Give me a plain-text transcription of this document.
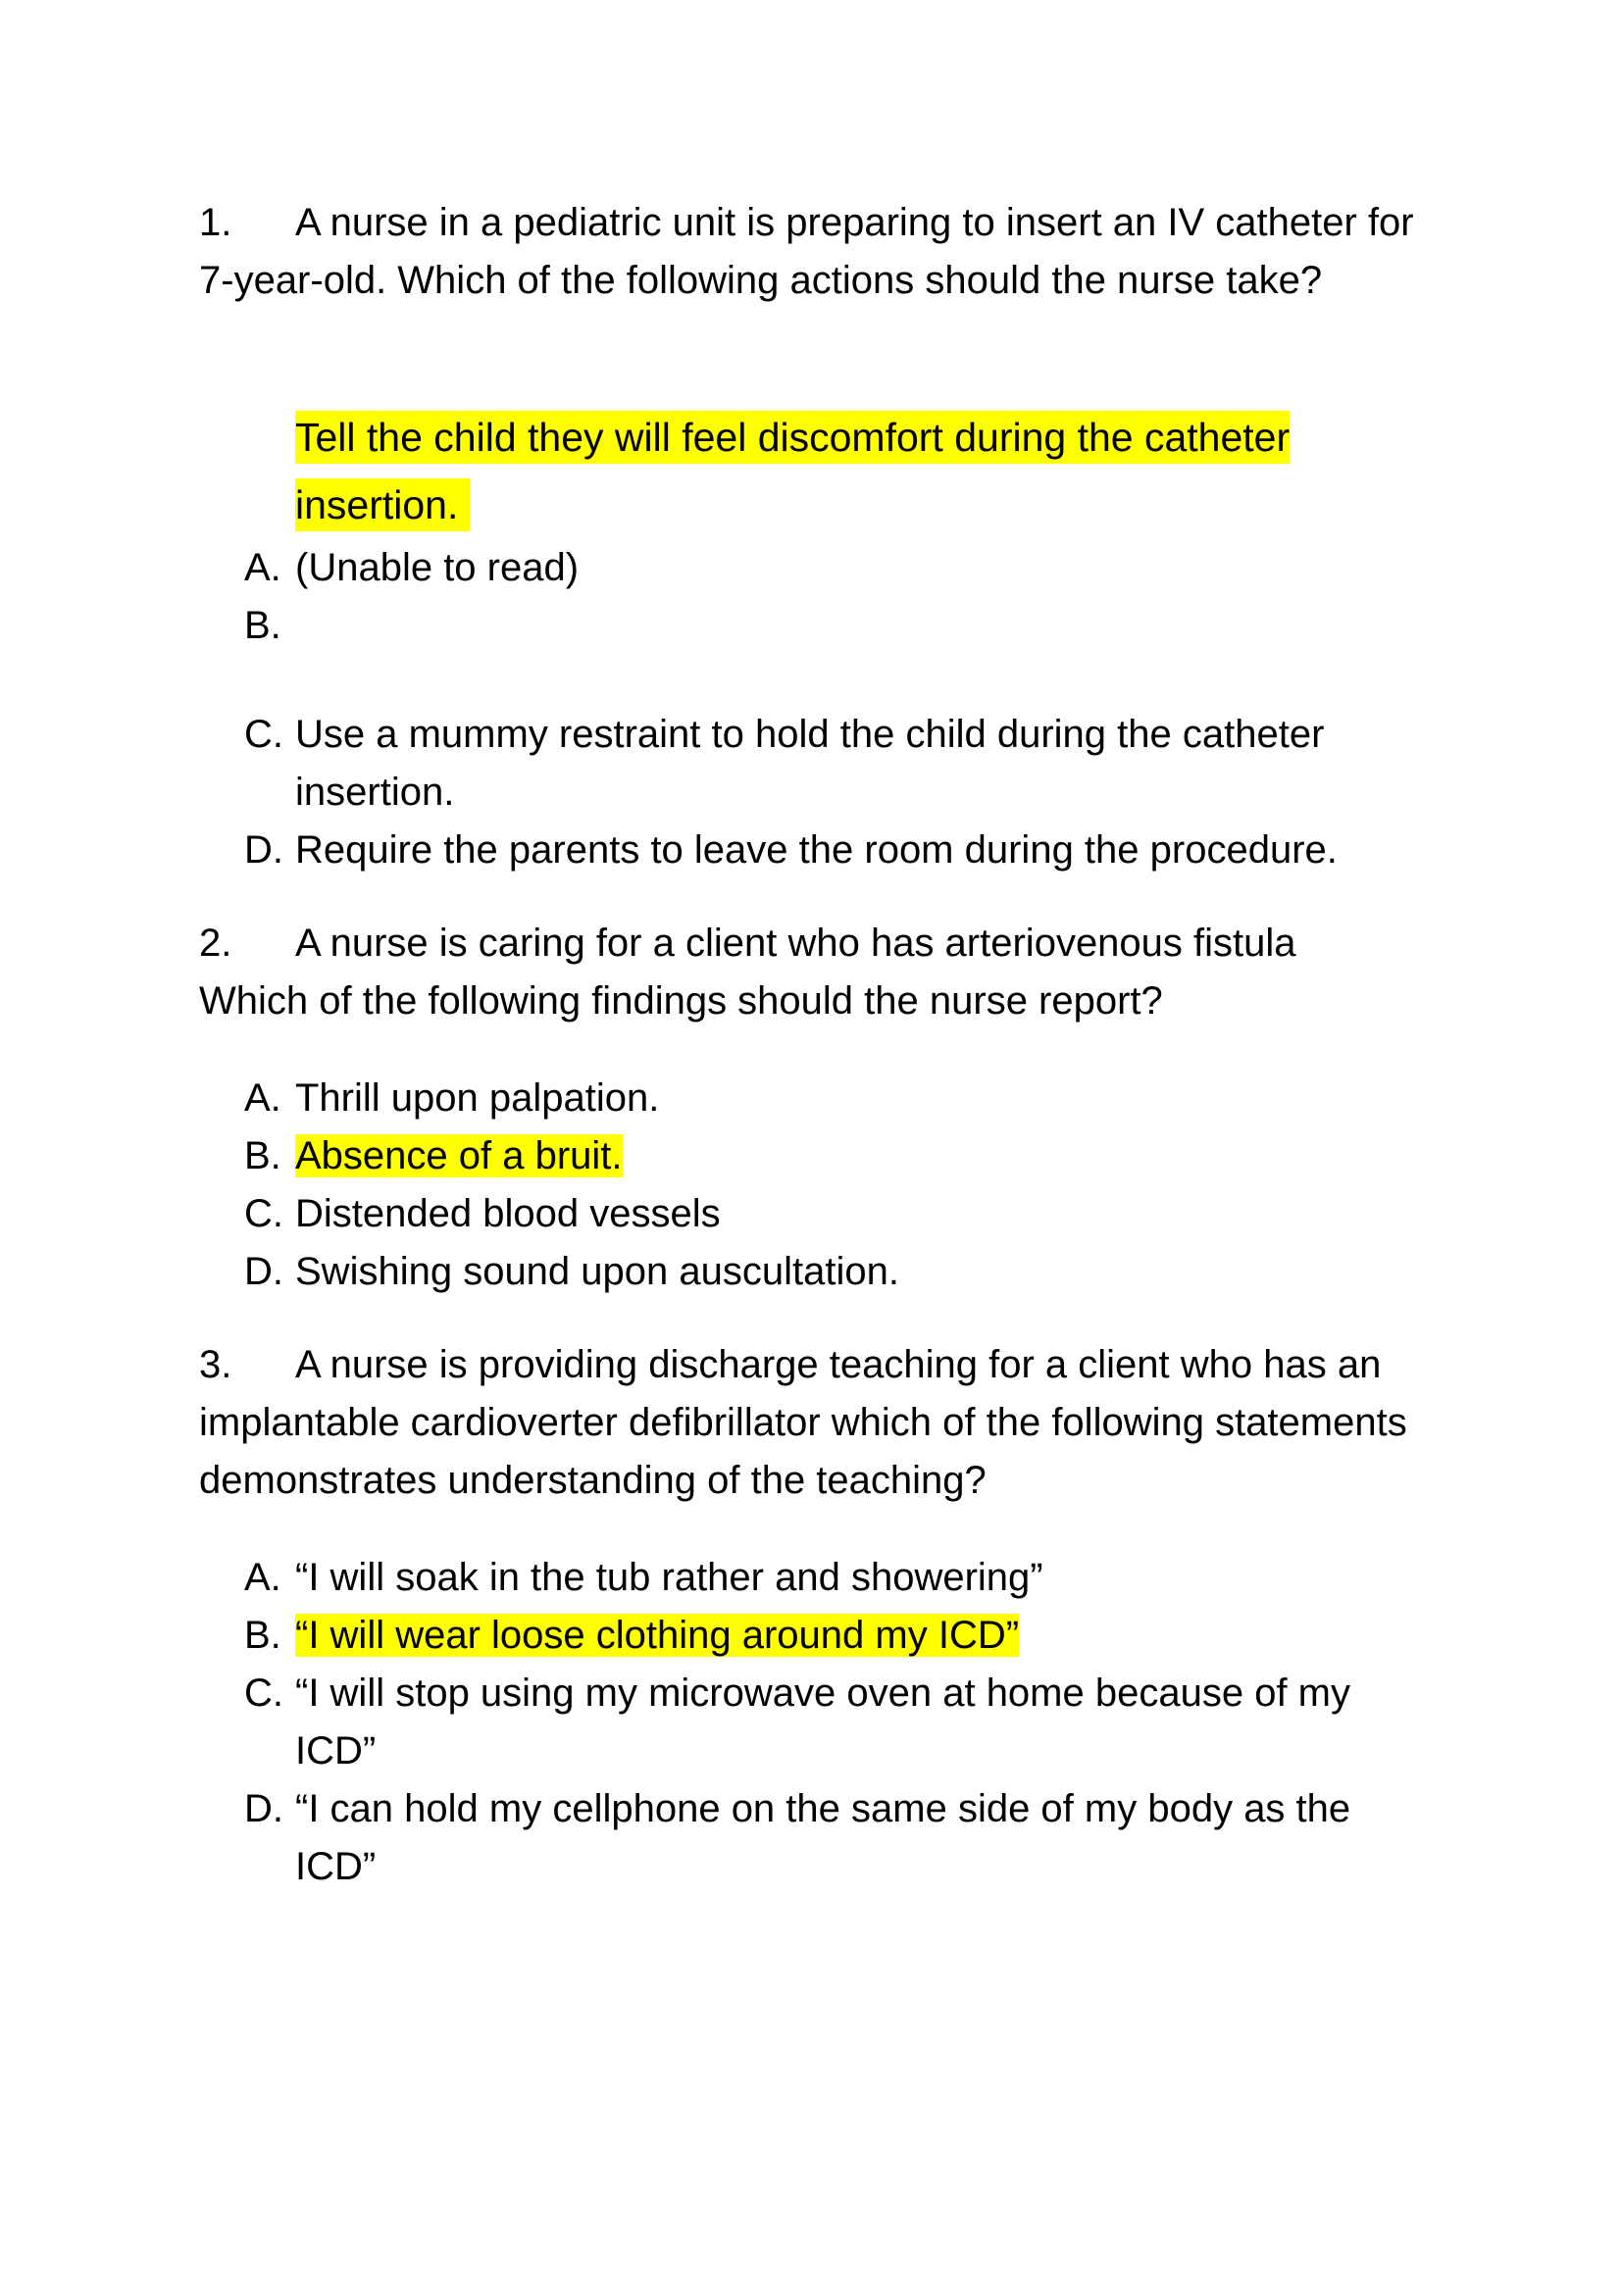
1. A nurse in a pediatric unit is preparing to insert an IV catheter for 7-year-old. Which of the following actions should the nurse take?

Tell the child they will feel discomfort during the catheter insertion.
A. (Unable to read)
B.

C. Use a mummy restraint to hold the child during the catheter insertion.
D. Require the parents to leave the room during the procedure.

2. A nurse is caring for a client who has arteriovenous fistula Which of the following findings should the nurse report?

A. Thrill upon palpation.
B. Absence of a bruit.
C. Distended blood vessels
D. Swishing sound upon auscultation.

3. A nurse is providing discharge teaching for a client who has an implantable cardioverter defibrillator which of the following statements demonstrates understanding of the teaching?

A. “I will soak in the tub rather and showering”
B. “I will wear loose clothing around my ICD”
C. “I will stop using my microwave oven at home because of my ICD”
D. “I can hold my cellphone on the same side of my body as the ICD”
